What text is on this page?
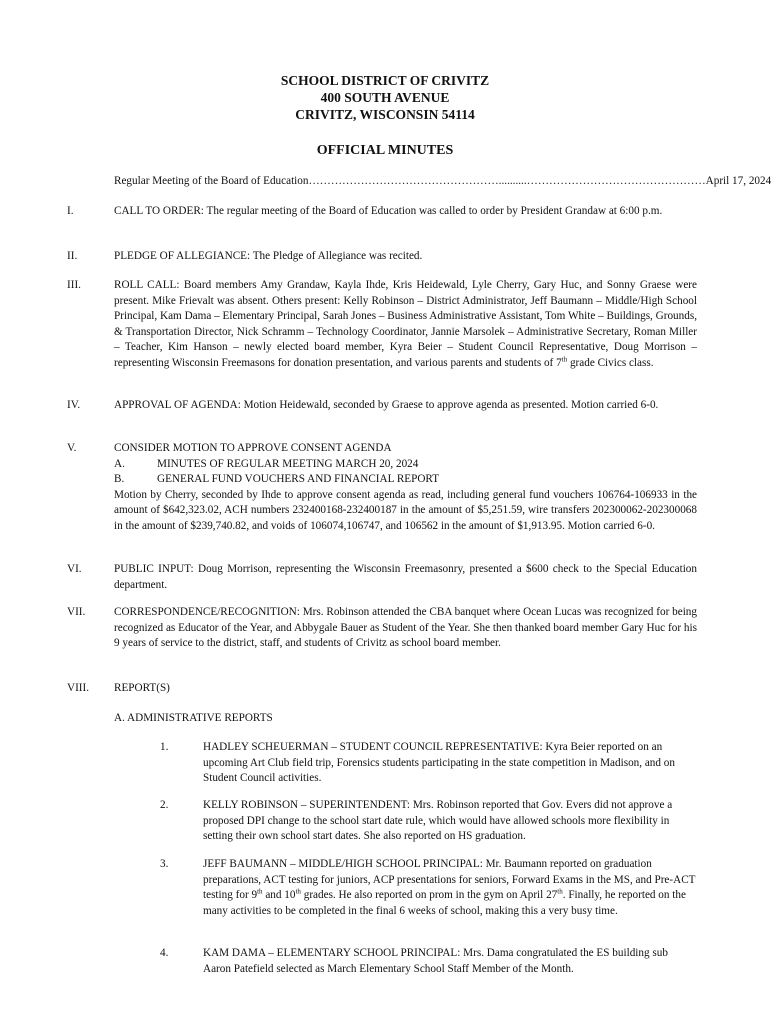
SCHOOL DISTRICT OF CRIVITZ
400 SOUTH AVENUE
CRIVITZ, WISCONSIN 54114
OFFICIAL MINUTES
Regular Meeting of the Board of Education ……………………………………………..........………………………………………… April 17, 2024
I.	CALL TO ORDER: The regular meeting of the Board of Education was called to order by President Grandaw at 6:00 p.m.
II.	PLEDGE OF ALLEGIANCE: The Pledge of Allegiance was recited.
III.	ROLL CALL: Board members Amy Grandaw, Kayla Ihde, Kris Heidewald, Lyle Cherry, Gary Huc, and Sonny Graese were present. Mike Frievalt was absent. Others present: Kelly Robinson – District Administrator, Jeff Baumann – Middle/High School Principal, Kam Dama – Elementary Principal, Sarah Jones – Business Administrative Assistant, Tom White – Buildings, Grounds, & Transportation Director, Nick Schramm – Technology Coordinator, Jannie Marsolek – Administrative Secretary, Roman Miller – Teacher, Kim Hanson – newly elected board member, Kyra Beier – Student Council Representative, Doug Morrison – representing Wisconsin Freemasons for donation presentation, and various parents and students of 7th grade Civics class.
IV.	APPROVAL OF AGENDA: Motion Heidewald, seconded by Graese to approve agenda as presented. Motion carried 6-0.
V.	CONSIDER MOTION TO APPROVE CONSENT AGENDA
A.	MINUTES OF REGULAR MEETING MARCH 20, 2024
B.	GENERAL FUND VOUCHERS AND FINANCIAL REPORT
Motion by Cherry, seconded by Ihde to approve consent agenda as read, including general fund vouchers 106764-106933 in the amount of $642,323.02, ACH numbers 232400168-232400187 in the amount of $5,251.59, wire transfers 202300062-202300068 in the amount of $239,740.82, and voids of 106074,106747, and 106562 in the amount of $1,913.95. Motion carried 6-0.
VI.	PUBLIC INPUT: Doug Morrison, representing the Wisconsin Freemasonry, presented a $600 check to the Special Education department.
VII.	CORRESPONDENCE/RECOGNITION: Mrs. Robinson attended the CBA banquet where Ocean Lucas was recognized for being recognized as Educator of the Year, and Abbygale Bauer as Student of the Year. She then thanked board member Gary Huc for his 9 years of service to the district, staff, and students of Crivitz as school board member.
VIII. REPORT(S)
A. ADMINISTRATIVE REPORTS
1.	HADLEY SCHEUERMAN – STUDENT COUNCIL REPRESENTATIVE: Kyra Beier reported on an upcoming Art Club field trip, Forensics students participating in the state competition in Madison, and on Student Council activities.
2.	KELLY ROBINSON – SUPERINTENDENT: Mrs. Robinson reported that Gov. Evers did not approve a proposed DPI change to the school start date rule, which would have allowed schools more flexibility in setting their own school start dates. She also reported on HS graduation.
3.	JEFF BAUMANN – MIDDLE/HIGH SCHOOL PRINCIPAL: Mr. Baumann reported on graduation preparations, ACT testing for juniors, ACP presentations for seniors, Forward Exams in the MS, and Pre-ACT testing for 9th and 10th grades. He also reported on prom in the gym on April 27th. Finally, he reported on the many activities to be completed in the final 6 weeks of school, making this a very busy time.
4.	KAM DAMA – ELEMENTARY SCHOOL PRINCIPAL: Mrs. Dama congratulated the ES building sub Aaron Patefield selected as March Elementary School Staff Member of the Month.
